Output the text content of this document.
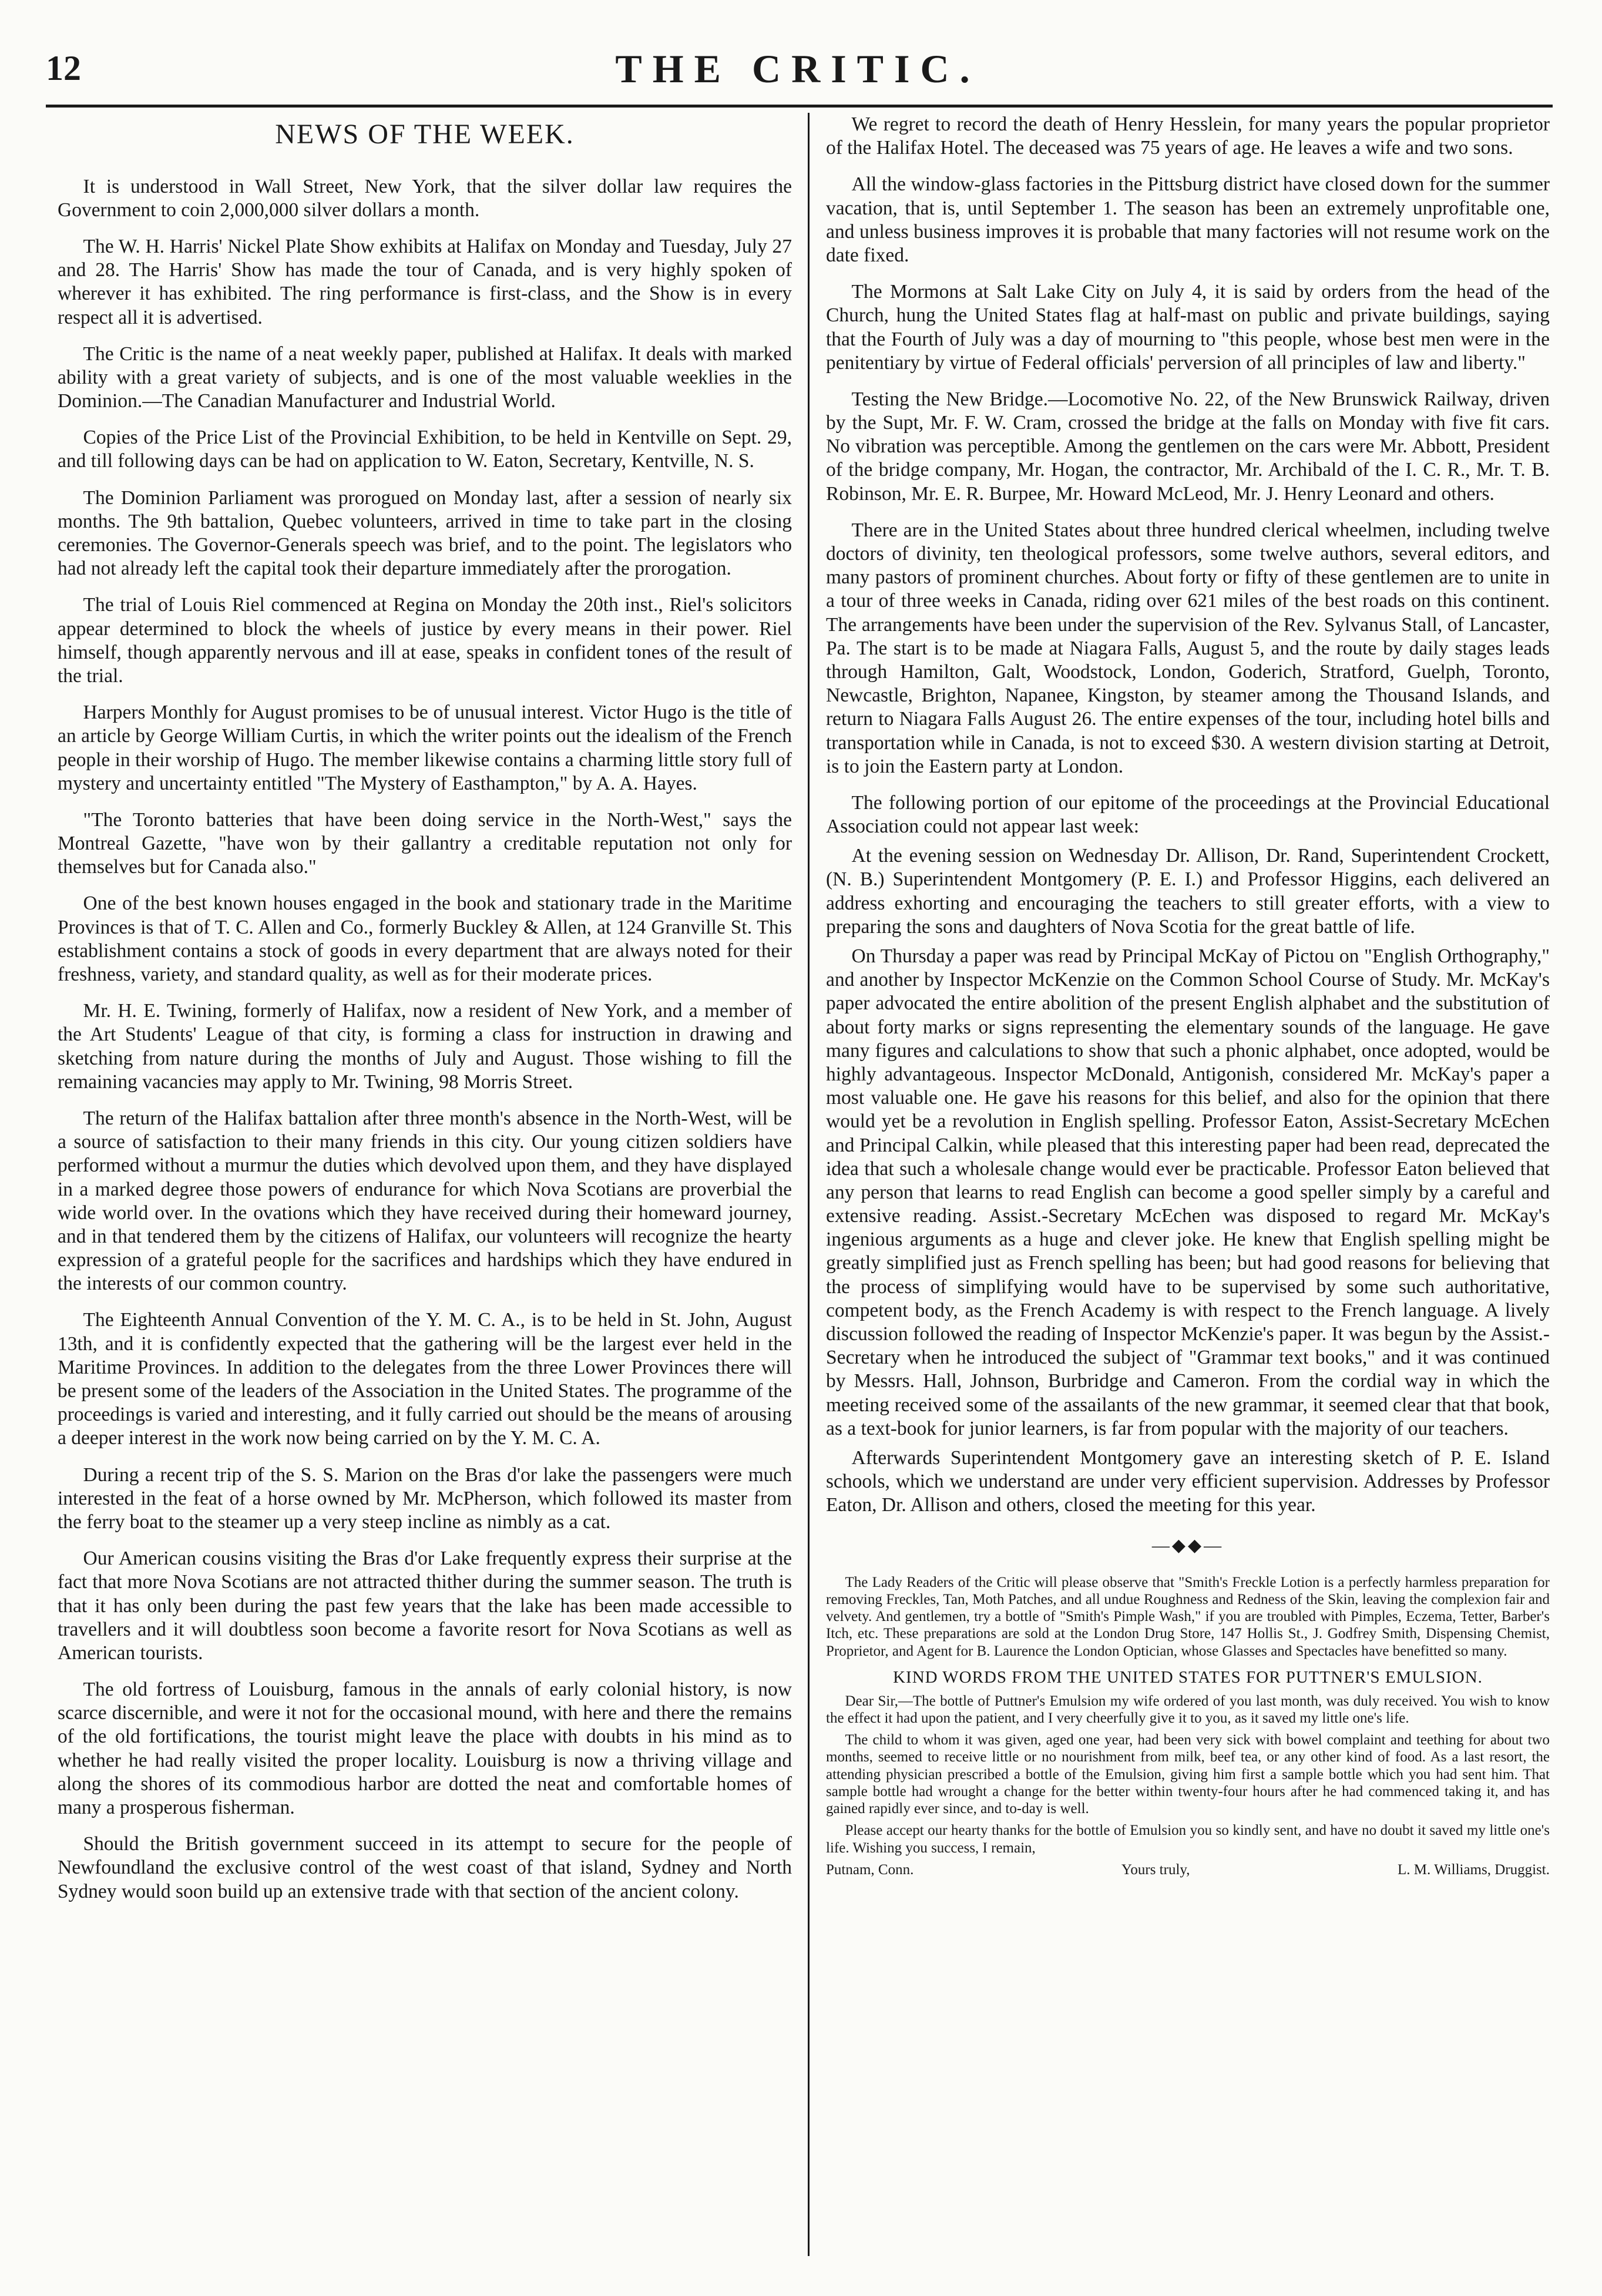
12	THE CRITIC.
NEWS OF THE WEEK.

It is understood in Wall Street, New York, that the silver dollar law requires the Government to coin 2,000,000 silver dollars a month.

The W. H. Harris' Nickel Plate Show exhibits at Halifax on Monday and Tuesday, July 27 and 28. The Harris' Show has made the tour of Canada, and is very highly spoken of wherever it has exhibited. The ring performance is first-class, and the Show is in every respect all it is advertised.

The Critic is the name of a neat weekly paper, published at Halifax. It deals with marked ability with a great variety of subjects, and is one of the most valuable weeklies in the Dominion.—The Canadian Manufacturer and Industrial World.

Copies of the Price List of the Provincial Exhibition, to be held in Kentville on Sept. 29, and till following days can be had on application to W. Eaton, Secretary, Kentville, N. S.

The Dominion Parliament was prorogued on Monday last, after a session of nearly six months. The 9th battalion, Quebec volunteers, arrived in time to take part in the closing ceremonies. The Governor-Generals speech was brief, and to the point. The legislators who had not already left the capital took their departure immediately after the prorogation.

The trial of Louis Riel commenced at Regina on Monday the 20th inst., Riel's solicitors appear determined to block the wheels of justice by every means in their power. Riel himself, though apparently nervous and ill at ease, speaks in confident tones of the result of the trial.

Harpers Monthly for August promises to be of unusual interest. Victor Hugo is the title of an article by George William Curtis, in which the writer points out the idealism of the French people in their worship of Hugo. The member likewise contains a charming little story full of mystery and uncertainty entitled "The Mystery of Easthampton," by A. A. Hayes.

"The Toronto batteries that have been doing service in the North-West," says the Montreal Gazette, "have won by their gallantry a creditable reputation not only for themselves but for Canada also."

One of the best known houses engaged in the book and stationary trade in the Maritime Provinces is that of T. C. Allen and Co., formerly Buckley & Allen, at 124 Granville St. This establishment contains a stock of goods in every department that are always noted for their freshness, variety, and standard quality, as well as for their moderate prices.

Mr. H. E. Twining, formerly of Halifax, now a resident of New York, and a member of the Art Students' League of that city, is forming a class for instruction in drawing and sketching from nature during the months of July and August. Those wishing to fill the remaining vacancies may apply to Mr. Twining, 98 Morris Street.

The return of the Halifax battalion after three month's absence in the North-West, will be a source of satisfaction to their many friends in this city. Our young citizen soldiers have performed without a murmur the duties which devolved upon them, and they have displayed in a marked degree those powers of endurance for which Nova Scotians are proverbial the wide world over. In the ovations which they have received during their homeward journey, and in that tendered them by the citizens of Halifax, our volunteers will recognize the hearty expression of a grateful people for the sacrifices and hardships which they have endured in the interests of our common country.

The Eighteenth Annual Convention of the Y. M. C. A., is to be held in St. John, August 13th, and it is confidently expected that the gathering will be the largest ever held in the Maritime Provinces. In addition to the delegates from the three Lower Provinces there will be present some of the leaders of the Association in the United States. The programme of the proceedings is varied and interesting, and it fully carried out should be the means of arousing a deeper interest in the work now being carried on by the Y. M. C. A.

During a recent trip of the S. S. Marion on the Bras d'or lake the passengers were much interested in the feat of a horse owned by Mr. McPherson, which followed its master from the ferry boat to the steamer up a very steep incline as nimbly as a cat.

Our American cousins visiting the Bras d'or Lake frequently express their surprise at the fact that more Nova Scotians are not attracted thither during the summer season. The truth is that it has only been during the past few years that the lake has been made accessible to travellers and it will doubtless soon become a favorite resort for Nova Scotians as well as American tourists.

The old fortress of Louisburg, famous in the annals of early colonial history, is now scarce discernible, and were it not for the occasional mound, with here and there the remains of the old fortifications, the tourist might leave the place with doubts in his mind as to whether he had really visited the proper locality. Louisburg is now a thriving village and along the shores of its commodious harbor are dotted the neat and comfortable homes of many a prosperous fisherman.

Should the British government succeed in its attempt to secure for the people of Newfoundland the exclusive control of the west coast of that island, Sydney and North Sydney would soon build up an extensive trade with that section of the ancient colony.

We regret to record the death of Henry Hesslein, for many years the popular proprietor of the Halifax Hotel. The deceased was 75 years of age. He leaves a wife and two sons.

All the window-glass factories in the Pittsburg district have closed down for the summer vacation, that is, until September 1. The season has been an extremely unprofitable one, and unless business improves it is probable that many factories will not resume work on the date fixed.

The Mormons at Salt Lake City on July 4, it is said by orders from the head of the Church, hung the United States flag at half-mast on public and private buildings, saying that the Fourth of July was a day of mourning to "this people, whose best men were in the penitentiary by virtue of Federal officials' perversion of all principles of law and liberty."

Testing the New Bridge.—Locomotive No. 22, of the New Brunswick Railway, driven by the Supt, Mr. F. W. Cram, crossed the bridge at the falls on Monday with five fit cars. No vibration was perceptible. Among the gentlemen on the cars were Mr. Abbott, President of the bridge company, Mr. Hogan, the contractor, Mr. Archibald of the I. C. R., Mr. T. B. Robinson, Mr. E. R. Burpee, Mr. Howard McLeod, Mr. J. Henry Leonard and others.

There are in the United States about three hundred clerical wheelmen, including twelve doctors of divinity, ten theological professors, some twelve authors, several editors, and many pastors of prominent churches. About forty or fifty of these gentlemen are to unite in a tour of three weeks in Canada, riding over 621 miles of the best roads on this continent. The arrangements have been under the supervision of the Rev. Sylvanus Stall, of Lancaster, Pa. The start is to be made at Niagara Falls, August 5, and the route by daily stages leads through Hamilton, Galt, Woodstock, London, Goderich, Stratford, Guelph, Toronto, Newcastle, Brighton, Napanee, Kingston, by steamer among the Thousand Islands, and return to Niagara Falls August 26. The entire expenses of the tour, including hotel bills and transportation while in Canada, is not to exceed $30. A western division starting at Detroit, is to join the Eastern party at London.

The following portion of our epitome of the proceedings at the Provincial Educational Association could not appear last week:

At the evening session on Wednesday Dr. Allison, Dr. Rand, Superintendent Crockett, (N. B.) Superintendent Montgomery (P. E. I.) and Professor Higgins, each delivered an address exhorting and encouraging the teachers to still greater efforts, with a view to preparing the sons and daughters of Nova Scotia for the great battle of life.

On Thursday a paper was read by Principal McKay of Pictou on "English Orthography," and another by Inspector McKenzie on the Common School Course of Study. Mr. McKay's paper advocated the entire abolition of the present English alphabet and the substitution of about forty marks or signs representing the elementary sounds of the language. He gave many figures and calculations to show that such a phonic alphabet, once adopted, would be highly advantageous. Inspector McDonald, Antigonish, considered Mr. McKay's paper a most valuable one. He gave his reasons for this belief, and also for the opinion that there would yet be a revolution in English spelling. Professor Eaton, Assist-Secretary McEchen and Principal Calkin, while pleased that this interesting paper had been read, deprecated the idea that such a wholesale change would ever be practicable. Professor Eaton believed that any person that learns to read English can become a good speller simply by a careful and extensive reading. Assist.-Secretary McEchen was disposed to regard Mr. McKay's ingenious arguments as a huge and clever joke. He knew that English spelling might be greatly simplified just as French spelling has been; but had good reasons for believing that the process of simplifying would have to be supervised by some such authoritative, competent body, as the French Academy is with respect to the French language. A lively discussion followed the reading of Inspector McKenzie's paper. It was begun by the Assist.-Secretary when he introduced the subject of "Grammar text books," and it was continued by Messrs. Hall, Johnson, Burbridge and Cameron. From the cordial way in which the meeting received some of the assailants of the new grammar, it seemed clear that that book, as a text-book for junior learners, is far from popular with the majority of our teachers.

Afterwards Superintendent Montgomery gave an interesting sketch of P. E. Island schools, which we understand are under very efficient supervision. Addresses by Professor Eaton, Dr. Allison and others, closed the meeting for this year.

—◆◆—

The Lady Readers of the Critic will please observe that "Smith's Freckle Lotion is a perfectly harmless preparation for removing Freckles, Tan, Moth Patches, and all undue Roughness and Redness of the Skin, leaving the complexion fair and velvety. And gentlemen, try a bottle of "Smith's Pimple Wash," if you are troubled with Pimples, Eczema, Tetter, Barber's Itch, etc. These preparations are sold at the London Drug Store, 147 Hollis St., J. Godfrey Smith, Dispensing Chemist, Proprietor, and Agent for B. Laurence the London Optician, whose Glasses and Spectacles have benefitted so many.

KIND WORDS FROM THE UNITED STATES FOR PUTTNER'S EMULSION.

Dear Sir,—The bottle of Puttner's Emulsion my wife ordered of you last month, was duly received. You wish to know the effect it had upon the patient, and I very cheerfully give it to you, as it saved my little one's life.

The child to whom it was given, aged one year, had been very sick with bowel complaint and teething for about two months, seemed to receive little or no nourishment from milk, beef tea, or any other kind of food. As a last resort, the attending physician prescribed a bottle of the Emulsion, giving him first a sample bottle which you had sent him. That sample bottle had wrought a change for the better within twenty-four hours after he had commenced taking it, and has gained rapidly ever since, and to-day is well.

Please accept our hearty thanks for the bottle of Emulsion you so kindly sent, and have no doubt it saved my little one's life. Wishing you success, I remain,

Putnam, Conn.	Yours truly,	L. M. Williams, Druggist.
